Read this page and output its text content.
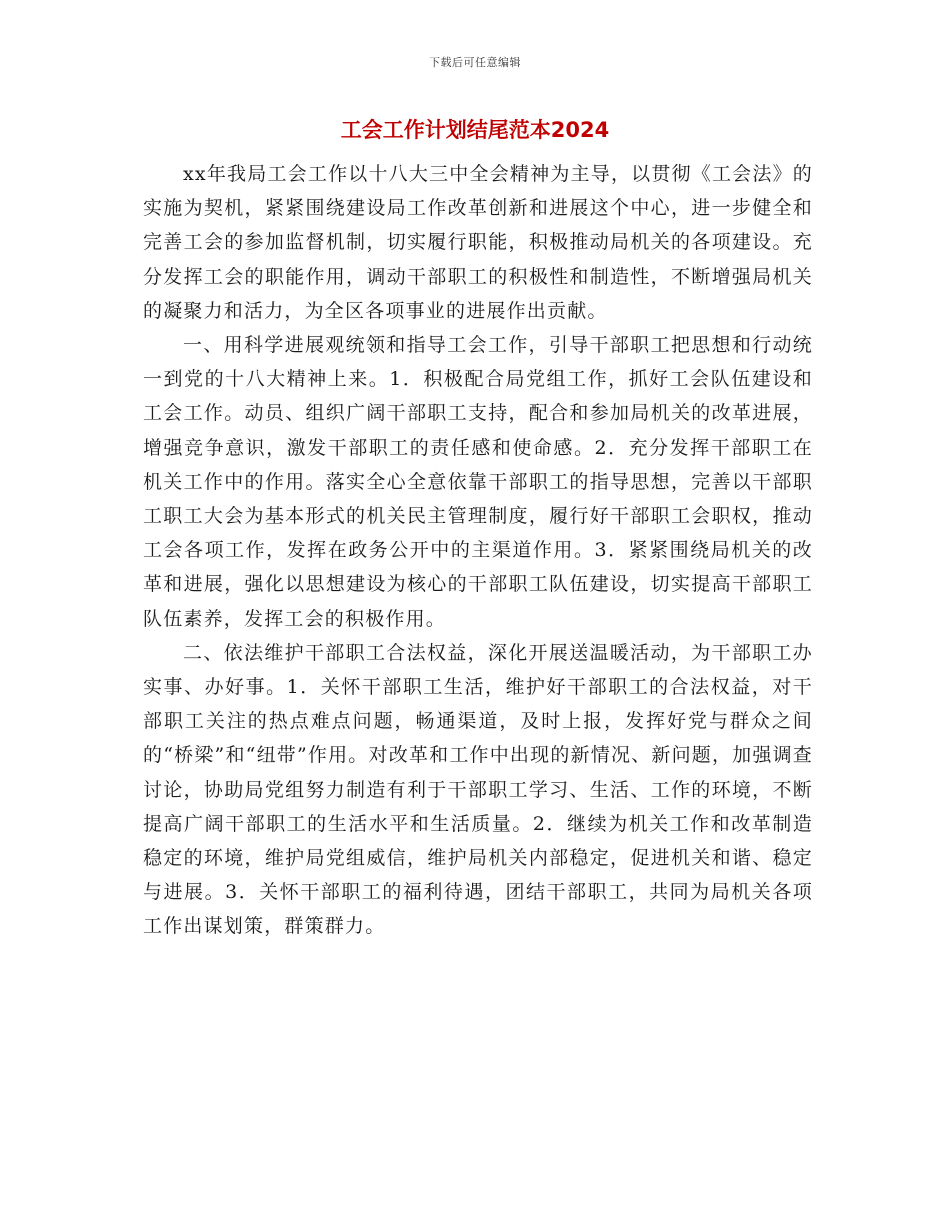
下载后可任意编辑
工会工作计划结尾范本2024

xx年我局工会工作以十八大三中全会精神为主导，以贯彻《工会法》的实施为契机，紧紧围绕建设局工作改革创新和进展这个中心，进一步健全和完善工会的参加监督机制，切实履行职能，积极推动局机关的各项建设。充分发挥工会的职能作用，调动干部职工的积极性和制造性，不断增强局机关的凝聚力和活力，为全区各项事业的进展作出贡献。

一、用科学进展观统领和指导工会工作，引导干部职工把思想和行动统一到党的十八大精神上来。1．积极配合局党组工作，抓好工会队伍建设和工会工作。动员、组织广阔干部职工支持，配合和参加局机关的改革进展，增强竞争意识，激发干部职工的责任感和使命感。2．充分发挥干部职工在机关工作中的作用。落实全心全意依靠干部职工的指导思想，完善以干部职工职工大会为基本形式的机关民主管理制度，履行好干部职工会职权，推动工会各项工作，发挥在政务公开中的主渠道作用。3．紧紧围绕局机关的改革和进展，强化以思想建设为核心的干部职工队伍建设，切实提高干部职工队伍素养，发挥工会的积极作用。

二、依法维护干部职工合法权益，深化开展送温暖活动，为干部职工办实事、办好事。1．关怀干部职工生活，维护好干部职工的合法权益，对干部职工关注的热点难点问题，畅通渠道，及时上报，发挥好党与群众之间的“桥梁”和“纽带”作用。对改革和工作中出现的新情况、新问题，加强调查讨论，协助局党组努力制造有利于干部职工学习、生活、工作的环境，不断提高广阔干部职工的生活水平和生活质量。2．继续为机关工作和改革制造稳定的环境，维护局党组威信，维护局机关内部稳定，促进机关和谐、稳定与进展。3．关怀干部职工的福利待遇，团结干部职工，共同为局机关各项工作出谋划策，群策群力。
